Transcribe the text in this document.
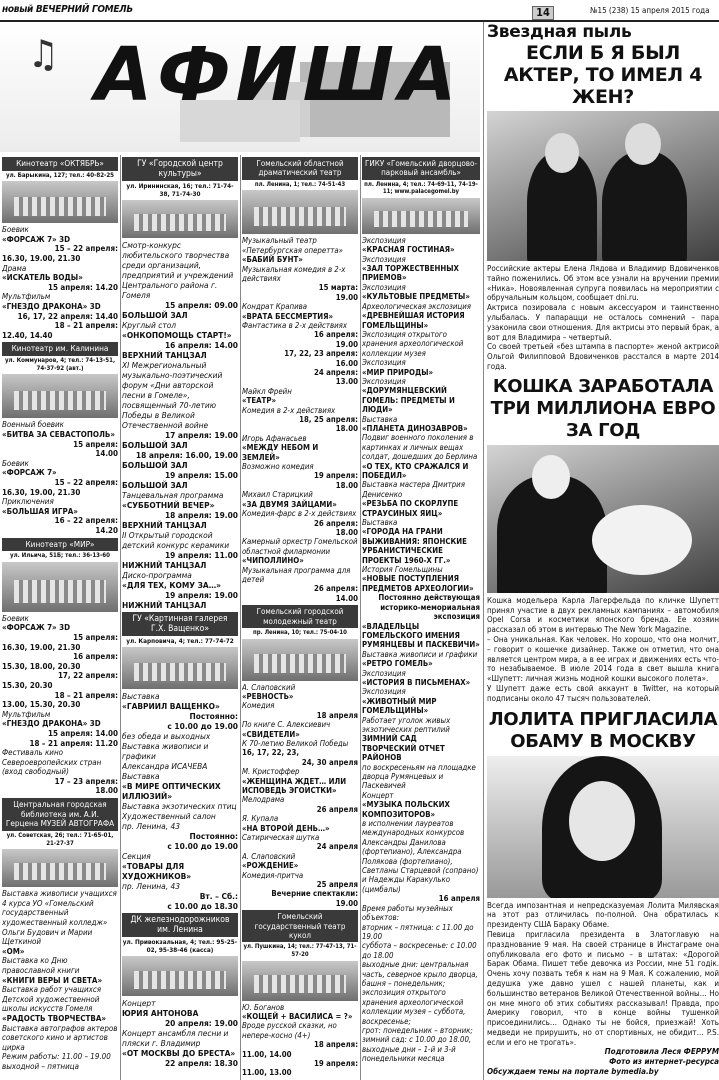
новый ВЕЧЕРНИЙ ГОМЕЛЬ	14	№15 (238) 15 апреля 2015 года
♫ АФИША
Кинотеатр «ОКТЯБРЬ»
ул. Барыкина, 127; тел.: 40-82-25

Боевик

«ФОРСАЖ 7» 3D

15 – 22 апреля:

16.30, 19.00, 21.30

Драма

«ИСКАТЕЛЬ ВОДЫ»

15 апреля: 14.20

Мультфильм

«ГНЕЗДО ДРАКОНА» 3D

16, 17, 22 апреля: 14.40

18 – 21 апреля:

12.40, 14.40

Кинотеатр им. Калинина
ул. Коммунаров, 4; тел.: 74-13-51, 74-37-92 (авт.)

Военный боевик

«БИТВА ЗА СЕВАСТОПОЛЬ»

15 апреля:

14.00

Боевик

«ФОРСАЖ 7»

15 – 22 апреля:

16.30, 19.00, 21.30

Приключения

«БОЛЬШАЯ ИГРА»

16 – 22 апреля:

14.20

Кинотеатр «МИР»
ул. Ильича, 51Б; тел.: 36-13-60

Боевик

«ФОРСАЖ 7» 3D

15 апреля:

16.30, 19.00, 21.30

16 апреля:

15.30, 18.00, 20.30

17, 22 апреля:

15.30, 20.30

18 – 21 апреля:

13.00, 15.30, 20.30

Мультфильм

«ГНЕЗДО ДРАКОНА» 3D

15 апреля: 14.00

18 – 21 апреля: 11.20

Фестиваль кино Североевропейских стран (вход свободный)

17 – 23 апреля:

18.00

Центральная городская библиотека им. А.И. Герцена МУЗЕЙ АВТОГРАФА
ул. Советская, 26; тел.: 71-65-01, 21-27-37

Выставка живописи учащихся 4 курса УО «Гомельский государственный художественный колледж»

Ольги Будович и Марии Щеткиной

«ОМ»

Выставка ко Дню православной книги

«КНИГИ ВЕРЫ И СВЕТА»

Выставка работ учащихся Детской художественной школы искусств Гомеля

«РАДОСТЬ ТВОРЧЕСТВА»

Выставка автографов актеров советского кино и артистов цирка

Режим работы: 11.00 – 19.00

выходной – пятница

ГУ «Городской центр культуры»
ул. Ирининская, 16; тел.: 71-74-38, 71-74-30

Смотр-конкурс любительского творчества среди организаций, предприятий и учреждений Центрального района г. Гомеля

15 апреля: 09.00

БОЛЬШОЙ ЗАЛ

Круглый стол

«ОНКОПОМОЩЬ СТАРТ!»

16 апреля: 14.00

ВЕРХНИЙ ТАНЦЗАЛ

XI Межрегиональный музыкально-поэтический форум «Дни авторской песни в Гомеле», посвященный 70-летию Победы в Великой Отечественной войне

17 апреля: 19.00

БОЛЬШОЙ ЗАЛ

18 апреля: 16.00, 19.00

БОЛЬШОЙ ЗАЛ

19 апреля: 15.00

БОЛЬШОЙ ЗАЛ

Танцевальная программа

«СУББОТНИЙ ВЕЧЕР»

18 апреля: 19.00

ВЕРХНИЙ ТАНЦЗАЛ

II Открытый городской детский конкурс керамики

19 апреля: 11.00

НИЖНИЙ ТАНЦЗАЛ

Диско-программа

«ДЛЯ ТЕХ, КОМУ ЗА…»

19 апреля: 19.00

НИЖНИЙ ТАНЦЗАЛ

ГУ «Картинная галерея Г.Х. Ващенко»
ул. Карповича, 4; тел.: 77-74-72

Выставка

«ГАВРИИЛ ВАЩЕНКО»

Постоянно:

с 10.00 до 19.00

без обеда и выходных

Выставка живописи и графики

Александра ИСАЧЕВА

Выставка

«В МИРЕ ОПТИЧЕСКИХ ИЛЛЮЗИЙ»

Выставка экзотических птиц

Художественный салон

пр. Ленина, 43

Постоянно:

с 10.00 до 19.00

Секция

«ТОВАРЫ ДЛЯ ХУДОЖНИКОВ»

пр. Ленина, 43

Вт. – Сб.:

с 10.00 до 18.30

ДК железнодорожников им. Ленина
ул. Привокзальная, 4; тел.: 95-25-02, 95-38-46 (касса)

Концерт

ЮРИЯ АНТОНОВА

20 апреля: 19.00

Концерт ансамбля песни и пляски г. Владимир

«ОТ МОСКВЫ ДО БРЕСТА»

22 апреля: 18.30

Гомельский областной драматический театр
пл. Ленина, 1; тел.: 74-51-43

Музыкальный театр «Петербургская оперетта»

«БАБИЙ БУНТ»

Музыкальная комедия в 2-х действиях

15 марта:

19.00

Кондрат Крапива

«ВРАТА БЕССМЕРТИЯ»

Фантастика в 2-х действиях

16 апреля:

19.00

17, 22, 23 апреля:

16.00

24 апреля:

13.00

Майкл Фрейн

«ТЕАТР»

Комедия в 2-х действиях

18, 25 апреля:

18.00

Игорь Афанасьев

«МЕЖДУ НЕБОМ И ЗЕМЛЕЙ»

Возможно комедия

19 апреля:

18.00

Михаил Старицкий

«ЗА ДВУМЯ ЗАЙЦАМИ»

Комедия-фарс в 2-х действиях

26 апреля:

18.00

Камерный оркестр Гомельской областной филармонии

«ЧИПОЛЛИНО»

Музыкальная программа для детей

26 апреля:

14.00

Гомельский городской молодежный театр
пр. Ленина, 10; тел.: 75-04-10

А. Слаповский

«РЕВНОСТЬ»

Комедия

18 апреля

По книге С. Алексиевич

«СВИДЕТЕЛИ»

К 70-летию Великой Победы

16, 17, 22, 23,

24, 30 апреля

М. Кристоффер

«ЖЕНЩИНА ЖДЕТ… ИЛИ ИСПОВЕДЬ ЭГОИСТКИ»

Мелодрама

26 апреля

Я. Купала

«НА ВТОРОЙ ДЕНЬ…»

Сатирическая шутка

24 апреля

А. Слаповский

«РОЖДЕНИЕ»

Комедия-притча

25 апреля

Вечерние спектакли:

19.00

Гомельский государственный театр кукол
ул. Пушкина, 14; тел.: 77-47-13, 71-57-20

Ю. Боганов

«КОЩЕЙ + ВАСИЛИСА = ?»

Вроде русской сказки, но непере-косно (4+)

18 апреля:

11.00, 14.00

19 апреля:

11.00, 13.00

ГИКУ «Гомельский дворцово-парковый ансамбль»
пл. Ленина, 4; тел.: 74-69-11, 74-19-11; www.palacegomel.by

Экспозиция

«КРАСНАЯ ГОСТИНАЯ»

Экспозиция

«ЗАЛ ТОРЖЕСТВЕННЫХ ПРИЕМОВ»

Экспозиция

«КУЛЬТОВЫЕ ПРЕДМЕТЫ»

Археологическая экспозиция

«ДРЕВНЕЙШАЯ ИСТОРИЯ ГОМЕЛЬЩИНЫ»

Экспозиция открытого хранения археологической коллекции музея

Экспозиция

«МИР ПРИРОДЫ»

Экспозиция

«ДОРУМЯНЦЕВСКИЙ ГОМЕЛЬ: ПРЕДМЕТЫ И ЛЮДИ»

Выставка

«ПЛАНЕТА ДИНОЗАВРОВ»

Подвиг военного поколения в картинках и личных вещах солдат, дошедших до Берлина

«О ТЕХ, КТО СРАЖАЛСЯ И ПОБЕДИЛ»

Выставка мастера Дмитрия Денисенко

«РЕЗЬБА ПО СКОРЛУПЕ СТРАУСИНЫХ ЯИЦ»

Выставка

«ГОРОДА НА ГРАНИ ВЫЖИВАНИЯ: ЯПОНСКИЕ УРБАНИСТИЧЕСКИЕ ПРОЕКТЫ 1960-Х ГГ.»

История Гомельщины

«НОВЫЕ ПОСТУПЛЕНИЯ ПРЕДМЕТОВ АРХЕОЛОГИИ»

Постоянно действующая историко-мемориальная экспозиция

«ВЛАДЕЛЬЦЫ ГОМЕЛЬСКОГО ИМЕНИЯ РУМЯНЦЕВЫ И ПАСКЕВИЧИ»

Выставка живописи и графики

«РЕТРО ГОМЕЛЬ»

Экспозиция

«ИСТОРИЯ В ПИСЬМЕНАХ»

Экспозиция

«ЖИВОТНЫЙ МИР ГОМЕЛЬЩИНЫ»

Работает уголок живых экзотических рептилий

ЗИМНИЙ САД

ТВОРЧЕСКИЙ ОТЧЕТ РАЙОНОВ

по воскресеньям на площадке дворца Румянцевых и Паскевичей

Концерт

«МУЗЫКА ПОЛЬСКИХ КОМПОЗИТОРОВ»

в исполнении лауреатов международных конкурсов Александры Данилова (фортепиано), Александра Полякова (фортепиано), Светланы Старцевой (сопрано) и Надежды Каракулько (цимбалы)

16 апреля

Время работы музейных объектов:

вторник – пятница: с 11.00 до 19.00

суббота – воскресенье: с 10.00 до 18.00

выходные дни: центральная часть, северное крыло дворца, башня – понедельник;

экспозиция открытого хранения археологической коллекции музея – суббота, воскресенье;

грот: понедельник – вторник;

зимний сад: с 10.00 до 18.00,

выходные дни – 1-й и 3-й понедельники месяца

Звездная пыль
ЕСЛИ Б Я БЫЛ АКТЕР, ТО ИМЕЛ 4 ЖЕН?

Российские актеры Елена Лядова и Владимир Вдовиченков тайно поженились. Об этом все узнали на вручении премии «Ника». Новоявленная супруга появилась на мероприятии с обручальным кольцом, сообщает dni.ru.

Актриса позировала с новым аксессуаром и таинственно улыбалась. У папарацци не осталось сомнений – пара узаконила свои отношения. Для актрисы это первый брак, а вот для Владимира – четвертый.

Со своей третьей «без штампа в паспорте» женой актрисой Ольгой Филипповой Вдовиченков расстался в марте 2014 года.

КОШКА ЗАРАБОТАЛА ТРИ МИЛЛИОНА ЕВРО ЗА ГОД

Кошка модельера Карла Лагерфельда по кличке Шупетт принял участие в двух рекламных кампаниях – автомобиля Opel Corsa и косметики японского бренда. Ее хозяин рассказал об этом в интервью The New York Magazine.

– Она уникальная. Как человек. Но хорошо, что она молчит, – говорит о кошечке дизайнер. Также он отметил, что она является центром мира, а в ее играх и движениях есть что-то незабываемое. В июле 2014 года в свет вышла книга «Шупетт: личная жизнь модной кошки высокого полета».

У Шупетт даже есть свой аккаунт в Twitter, на который подписаны около 47 тысяч пользователей.

ЛОЛИТА ПРИГЛАСИЛА ОБАМУ В МОСКВУ

Всегда импозантная и непредсказуемая Лолита Милявская на этот раз отличилась по-полной. Она обратилась к президенту США Бараку Обаме.

Певица пригласила президента в Златоглавую на празднование 9 мая. На своей странице в Инстаграме она опубликовала его фото и письмо – в штатах: «Дорогой Барак Обама. Пишет тебе девочка из России, мне 51 годік. Очень хочу позвать тебя к нам на 9 Мая. К сожалению, мой дедушка уже давно ушел с нашей планеты, как и большинство ветеранов Великой Отечественной войны… Но он мне много об этих событиях рассказывал! Правда, про Америку говорил, что в конце войны тушенкой присоединились… Однако ты не бойся, приезжай! Хоть медведи не прирушить, но от спортивных, не обидит… P.S. если и его не трогать».

Подготовила Леся ФЕРРУМ

Фото из интернет-ресурса

Обсуждаем темы на портале bymedia.by
